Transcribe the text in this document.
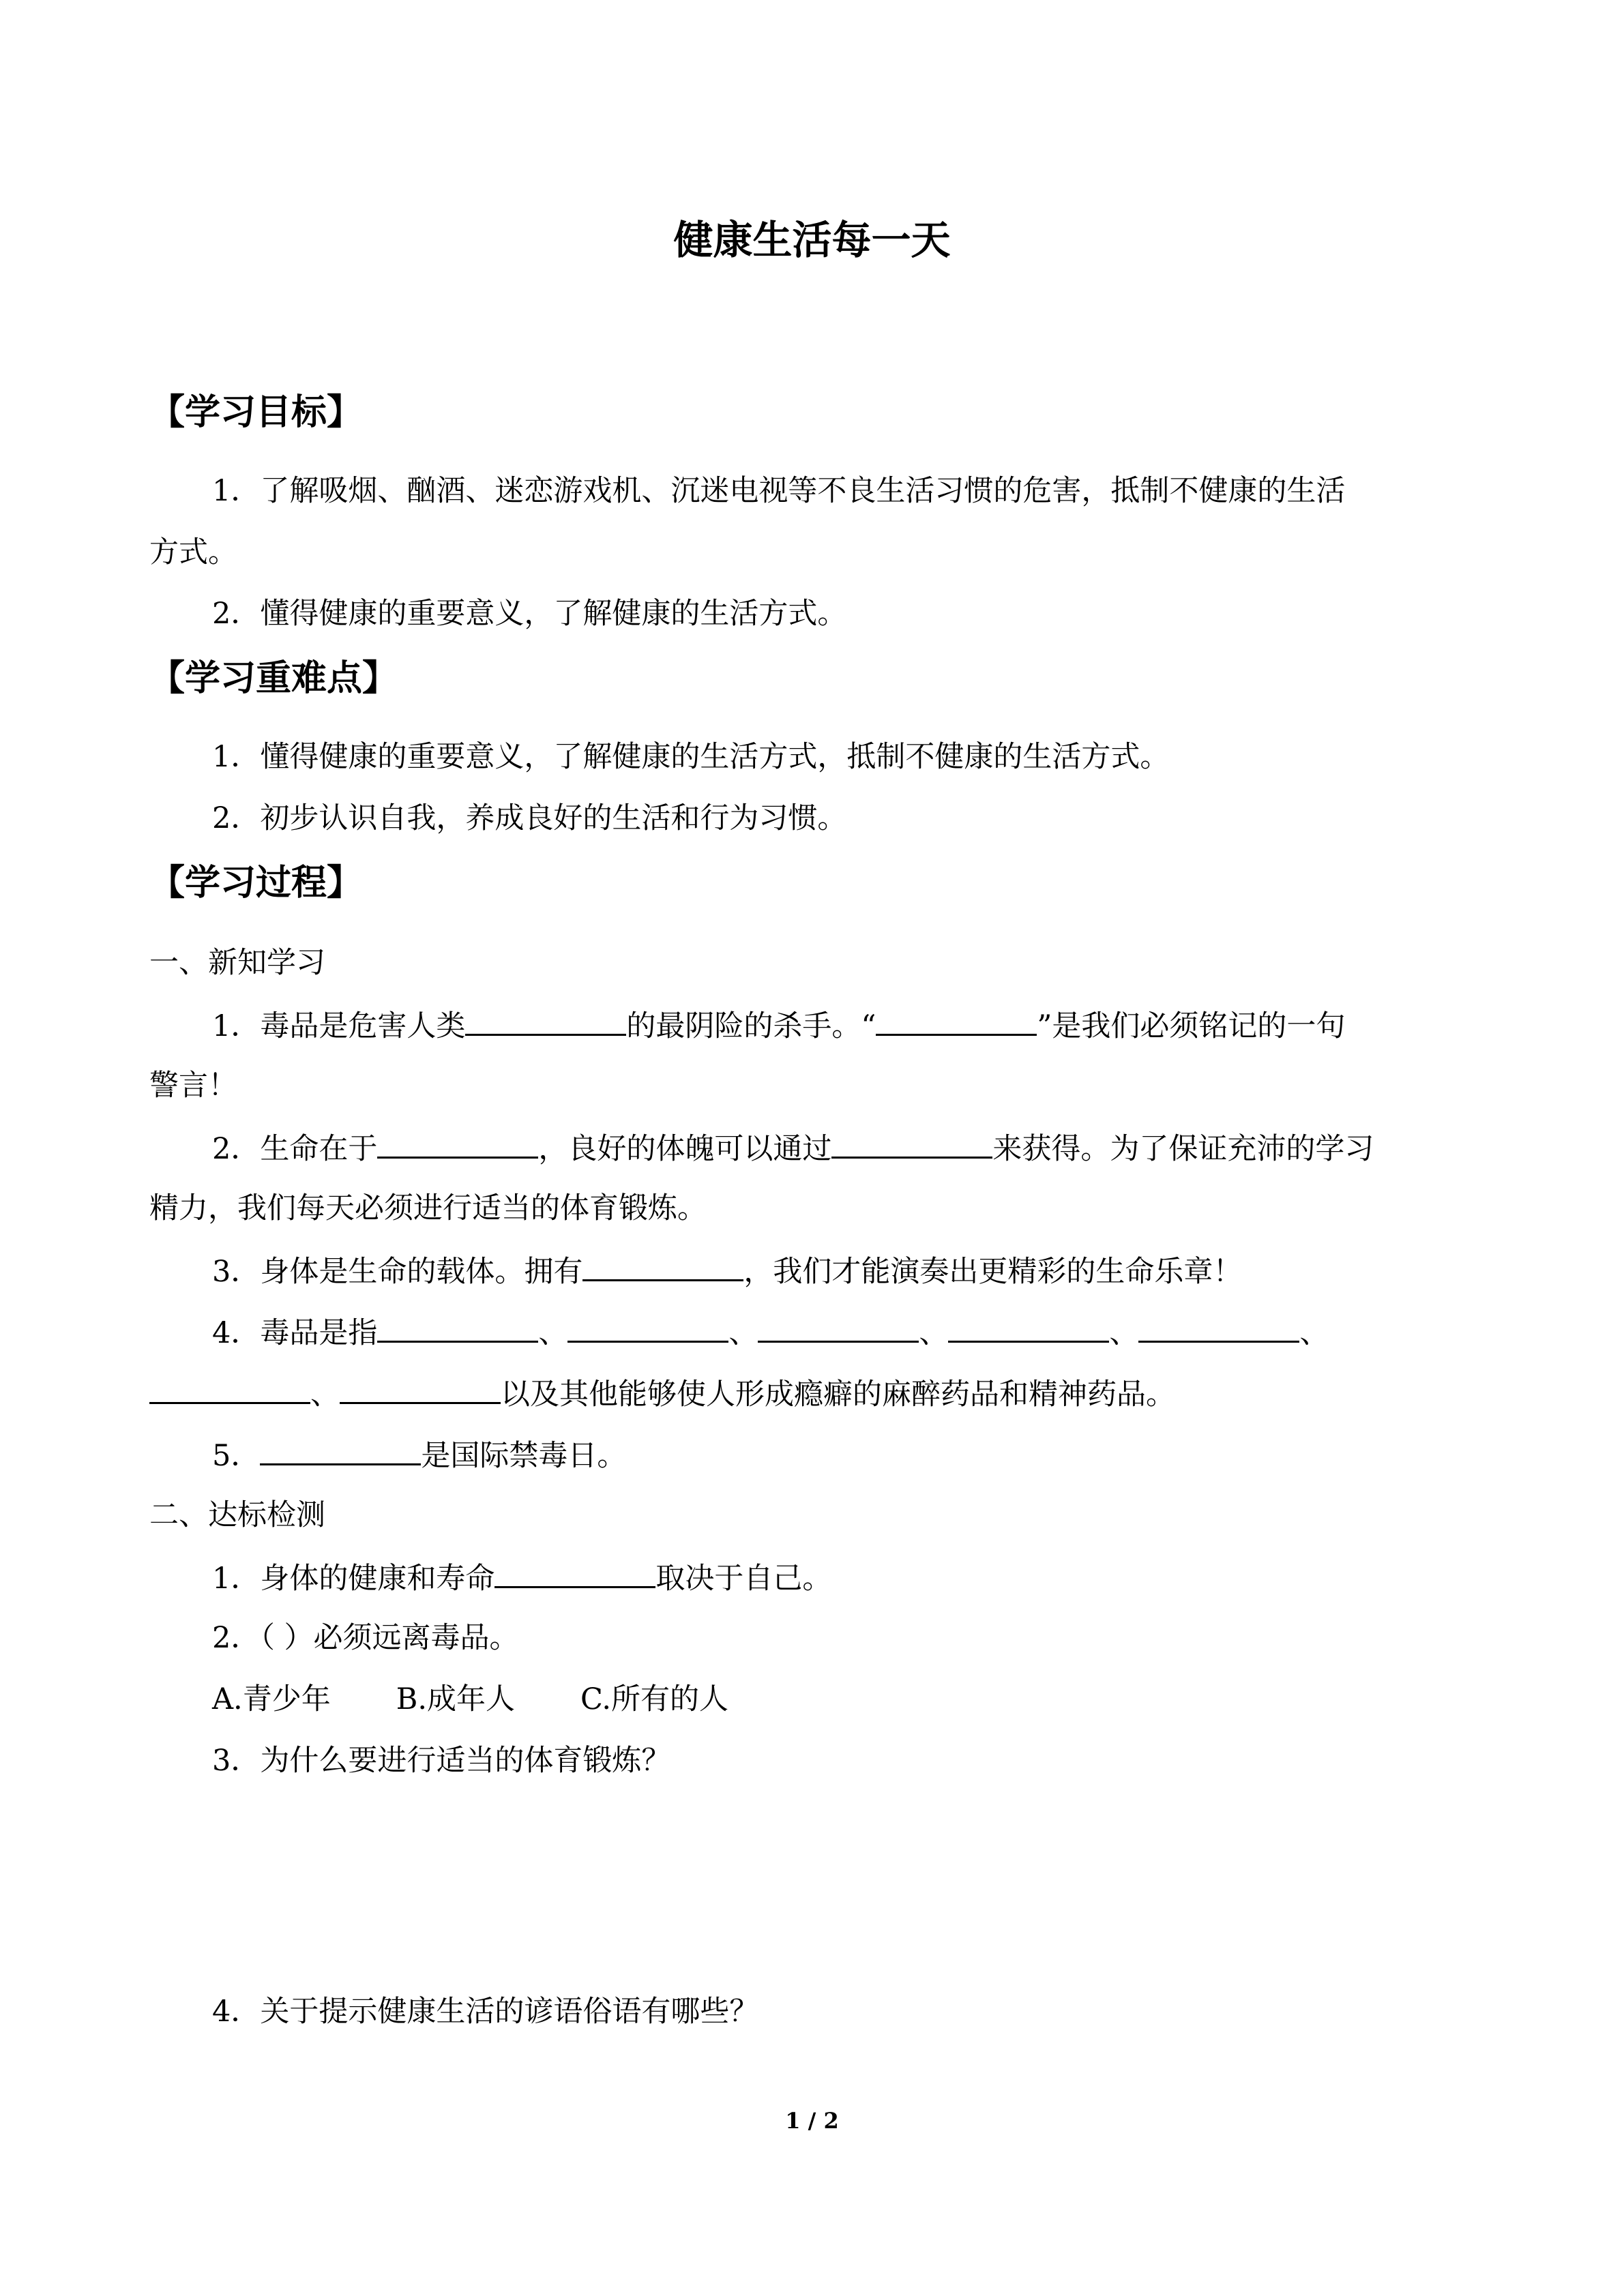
健康生活每一天
【学习目标】
1．了解吸烟、酗酒、迷恋游戏机、沉迷电视等不良生活习惯的危害，抵制不健康的生活
方式。
2．懂得健康的重要意义，了解健康的生活方式。
【学习重难点】
1．懂得健康的重要意义，了解健康的生活方式，抵制不健康的生活方式。
2．初步认识自我，养成良好的生活和行为习惯。
【学习过程】
一、新知学习
1．毒品是危害人类	的最阴险的杀手。“	”是我们必须铭记的一句
警言！
2．生命在于	，良好的体魄可以通过	来获得。为了保证充沛的学习
精力，我们每天必须进行适当的体育锻炼。
3．身体是生命的载体。拥有	，我们才能演奏出更精彩的生命乐章！
4．毒品是指	、	、	、	、	、
、	以及其他能够使人形成瘾癖的麻醉药品和精神药品。
5．	是国际禁毒日。
二、达标检测
1．身体的健康和寿命	取决于自己。
2．（ ）必须远离毒品。
A.青少年 B.成年人 C.所有的人
3．为什么要进行适当的体育锻炼？
4．关于提示健康生活的谚语俗语有哪些？
1 / 2
